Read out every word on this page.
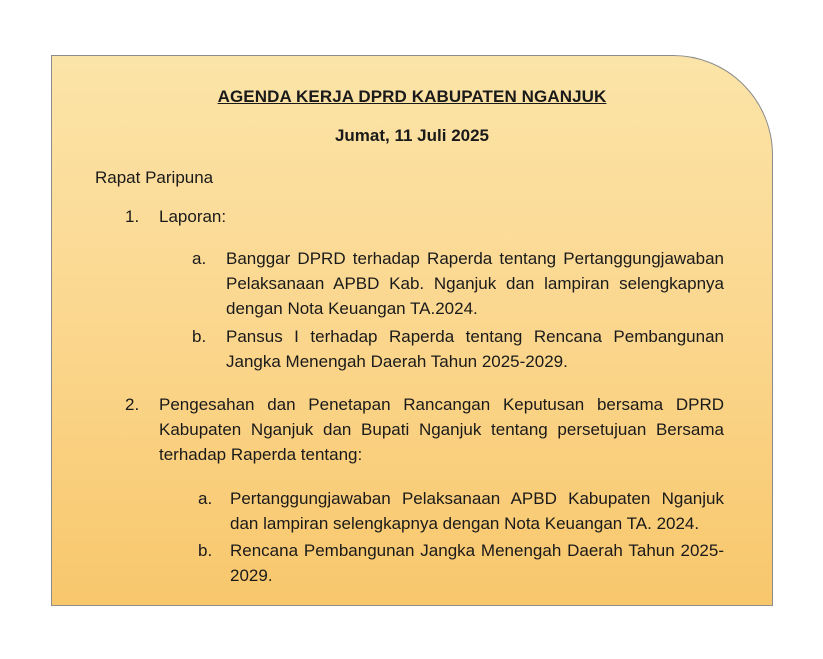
AGENDA KERJA DPRD KABUPATEN NGANJUK
Jumat, 11 Juli 2025
Rapat Paripuna
1. Laporan:
a. Banggar DPRD terhadap Raperda tentang Pertanggungjawaban Pelaksanaan APBD Kab. Nganjuk dan lampiran selengkapnya dengan Nota Keuangan TA.2024.
b. Pansus I terhadap Raperda tentang Rencana Pembangunan Jangka Menengah Daerah Tahun 2025-2029.
2. Pengesahan dan Penetapan Rancangan Keputusan bersama DPRD Kabupaten Nganjuk dan Bupati Nganjuk tentang persetujuan Bersama terhadap Raperda tentang:
a. Pertanggungjawaban Pelaksanaan APBD Kabupaten Nganjuk dan lampiran selengkapnya dengan Nota Keuangan TA. 2024.
b. Rencana Pembangunan Jangka Menengah Daerah Tahun 2025-2029.
